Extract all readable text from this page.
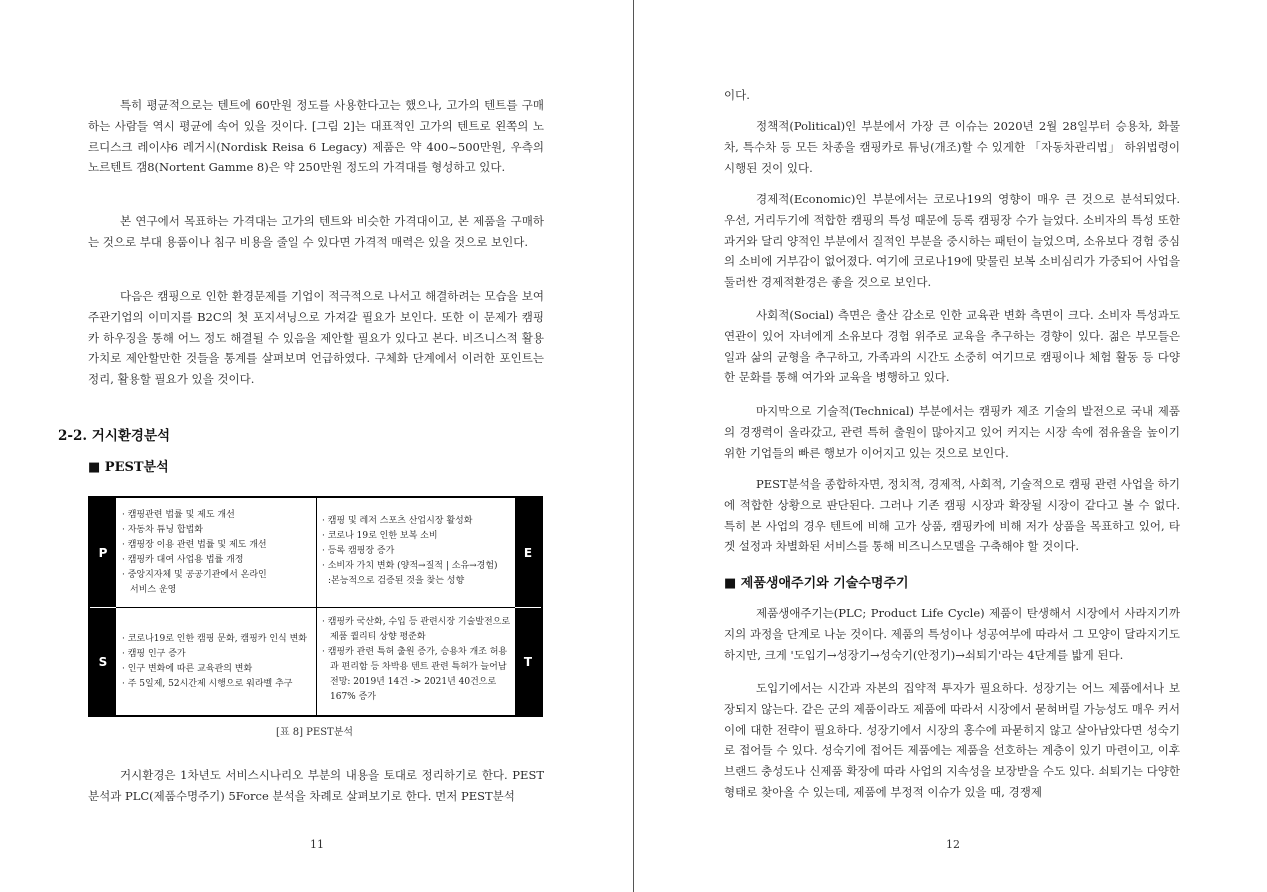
특히 평균적으로는 텐트에 60만원 정도를 사용한다고는 했으나, 고가의 텐트를 구매하는 사람들 역시 평균에 속어 있을 것이다. [그림 2]는 대표적인 고가의 텐트로 왼쪽의 노르디스크 레이샤6 레거시(Nordisk Reisa 6 Legacy) 제품은 약 400~500만원, 우측의 노르텐트 갬8(Nortent Gamme 8)은 약 250만원 정도의 가격대를 형성하고 있다.

본 연구에서 목표하는 가격대는 고가의 텐트와 비슷한 가격대이고, 본 제품을 구매하는 것으로 부대 용품이나 침구 비용을 줄일 수 있다면 가격적 매력은 있을 것으로 보인다.

다음은 캠핑으로 인한 환경문제를 기업이 적극적으로 나서고 해결하려는 모습을 보여 주관기업의 이미지를 B2C의 첫 포지셔닝으로 가져갈 필요가 보인다. 또한 이 문제가 캠핑카 하우징을 통해 어느 정도 해결될 수 있음을 제안할 필요가 있다고 본다. 비즈니스적 활용 가치로 제안할만한 것들을 통계를 살펴보며 언급하였다. 구체화 단계에서 이러한 포인트는 정리, 활용할 필요가 있을 것이다.

2-2. 거시환경분석
■ PEST분석
P
S
E
T
· 캠핑관련 법률 및 제도 개선
· 자동차 튜닝 합법화
· 캠핑장 이용 관련 법률 및 제도 개선
· 캠핑카 대여 사업용 법률 개정
· 중앙지자체 및 공공기관에서 온라인
서비스 운영
· 캠핑 및 레저 스포츠 산업시장 활성화
· 코로나 19로 인한 보복 소비
· 등록 캠핑장 증가
· 소비자 가치 변화 (양적→질적 | 소유→경험)
:본능적으로 검증된 것을 찾는 성향
· 코로나19로 인한 캠핑 문화, 캠핑카 인식 변화
· 캠핑 인구 증가
· 인구 변화에 따른 교육관의 변화
· 주 5일제, 52시간제 시행으로 워라벨 추구
· 캠핑카 국산화, 수입 등 관련시장 기술발전으로
제품 퀄리티 상향 평준화
· 캠핑카 관련 특허 출원 증가, 승용차 개조 허용
과 편리함 등 차박용 텐트 관련 특허가 늘어남
전망: 2019년 14건 -> 2021년 40건으로
167% 증가
[표 8] PEST분석

거시환경은 1차년도 서비스시나리오 부분의 내용을 토대로 정리하기로 한다. PEST분석과 PLC(제품수명주기) 5Force 분석을 차례로 살펴보기로 한다. 먼저 PEST분석

11

이다.

정책적(Political)인 부분에서 가장 큰 이슈는 2020년 2월 28일부터 승용차, 화물차, 특수차 등 모든 차종을 캠핑카로 튜닝(개조)할 수 있게한 「자동차관리법」 하위법령이 시행된 것이 있다.

경제적(Economic)인 부분에서는 코로나19의 영향이 매우 큰 것으로 분석되었다. 우선, 거리두기에 적합한 캠핑의 특성 때문에 등록 캠핑장 수가 늘었다. 소비자의 특성 또한 과거와 달리 양적인 부분에서 질적인 부분을 중시하는 패턴이 늘었으며, 소유보다 경험 중심의 소비에 거부감이 없어졌다. 여기에 코로나19에 맞물린 보복 소비심리가 가중되어 사업을 둘러싼 경제적환경은 좋을 것으로 보인다.

사회적(Social) 측면은 출산 감소로 인한 교육관 변화 측면이 크다. 소비자 특성과도 연관이 있어 자녀에게 소유보다 경험 위주로 교육을 추구하는 경향이 있다. 젊은 부모들은 일과 삶의 균형을 추구하고, 가족과의 시간도 소중히 여기므로 캠핑이나 체험 활동 등 다양한 문화를 통해 여가와 교육을 병행하고 있다.

마지막으로 기술적(Technical) 부분에서는 캠핑카 제조 기술의 발전으로 국내 제품의 경쟁력이 올라갔고, 관련 특허 출원이 많아지고 있어 커지는 시장 속에 점유율을 높이기 위한 기업들의 빠른 행보가 이어지고 있는 것으로 보인다.

PEST분석을 종합하자면, 정치적, 경제적, 사회적, 기술적으로 캠핑 관련 사업을 하기에 적합한 상황으로 판단된다. 그러나 기존 캠핑 시장과 확장될 시장이 같다고 볼 수 없다. 특히 본 사업의 경우 텐트에 비해 고가 상품, 캠핑카에 비해 저가 상품을 목표하고 있어, 타겟 설정과 차별화된 서비스를 통해 비즈니스모델을 구축해야 할 것이다.

■ 제품생애주기와 기술수명주기

제품생애주기는(PLC; Product Life Cycle) 제품이 탄생해서 시장에서 사라지기까지의 과정을 단계로 나눈 것이다. 제품의 특성이나 성공여부에 따라서 그 모양이 달라지기도 하지만, 크게 '도입기→성장기→성숙기(안정기)→쇠퇴기'라는 4단계를 밟게 된다.

도입기에서는 시간과 자본의 집약적 투자가 필요하다. 성장기는 어느 제품에서나 보장되지 않는다. 같은 군의 제품이라도 제품에 따라서 시장에서 묻혀버릴 가능성도 매우 커서 이에 대한 전략이 필요하다. 성장기에서 시장의 홍수에 파묻히지 않고 살아남았다면 성숙기로 접어들 수 있다. 성숙기에 접어든 제품에는 제품을 선호하는 계층이 있기 마련이고, 이후 브랜드 충성도나 신제품 확장에 따라 사업의 지속성을 보장받을 수도 있다. 쇠퇴기는 다양한 형태로 찾아올 수 있는데, 제품에 부정적 이슈가 있을 때, 경쟁제

12
